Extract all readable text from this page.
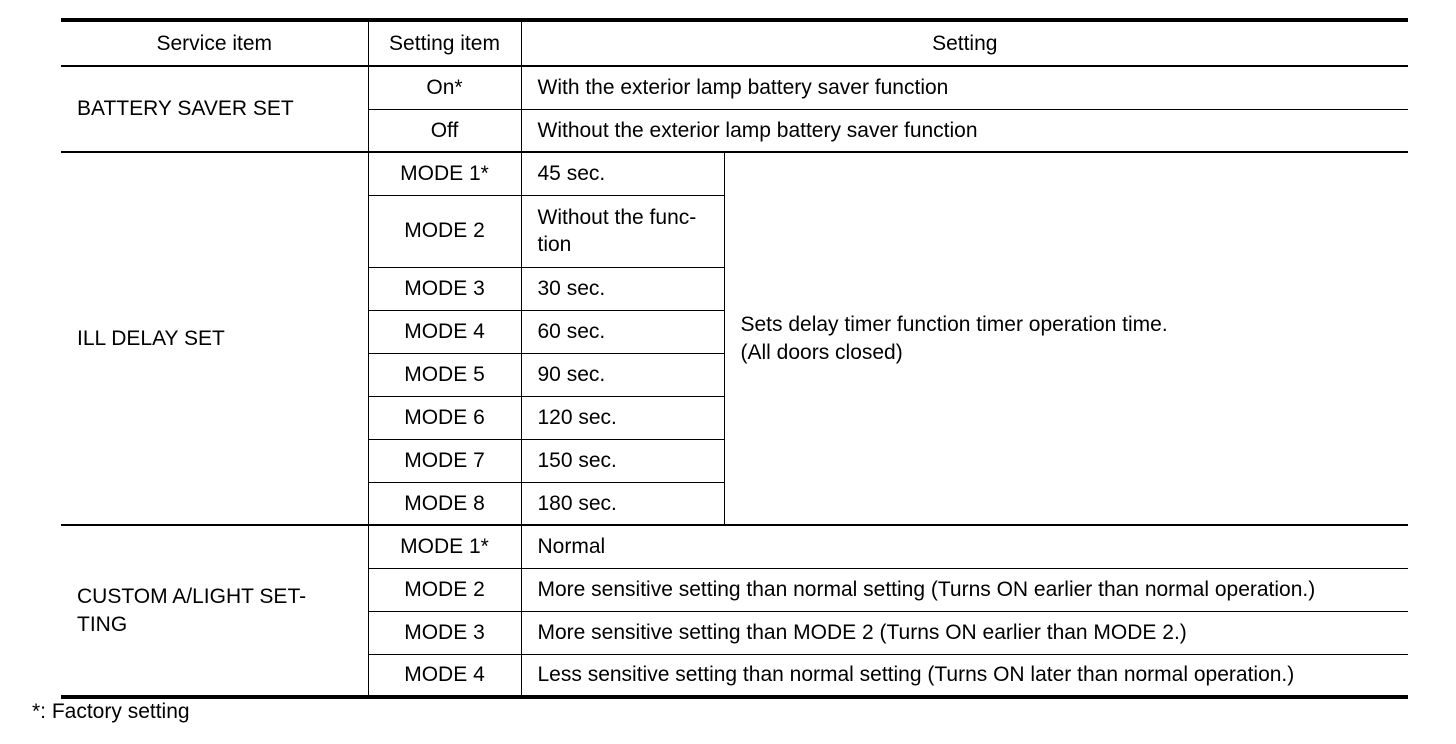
Service item	Setting item	Setting	
BATTERY SAVER SET	On*	With the exterior lamp battery saver function	
	Off	Without the exterior lamp battery saver function	
ILL DELAY SET	MODE 1*	45 sec.	Sets delay timer function timer operation time.
(All doors closed)
	MODE 2	Without the func-
tion	
	MODE 3	30 sec.	
	MODE 4	60 sec.	
	MODE 5	90 sec.	
	MODE 6	120 sec.	
	MODE 7	150 sec.	
	MODE 8	180 sec.	
CUSTOM A/LIGHT SET-
TING	MODE 1*	Normal	
	MODE 2	More sensitive setting than normal setting (Turns ON earlier than normal operation.)	
	MODE 3	More sensitive setting than MODE 2 (Turns ON earlier than MODE 2.)	
	MODE 4	Less sensitive setting than normal setting (Turns ON later than normal operation.)	
*: Factory setting
